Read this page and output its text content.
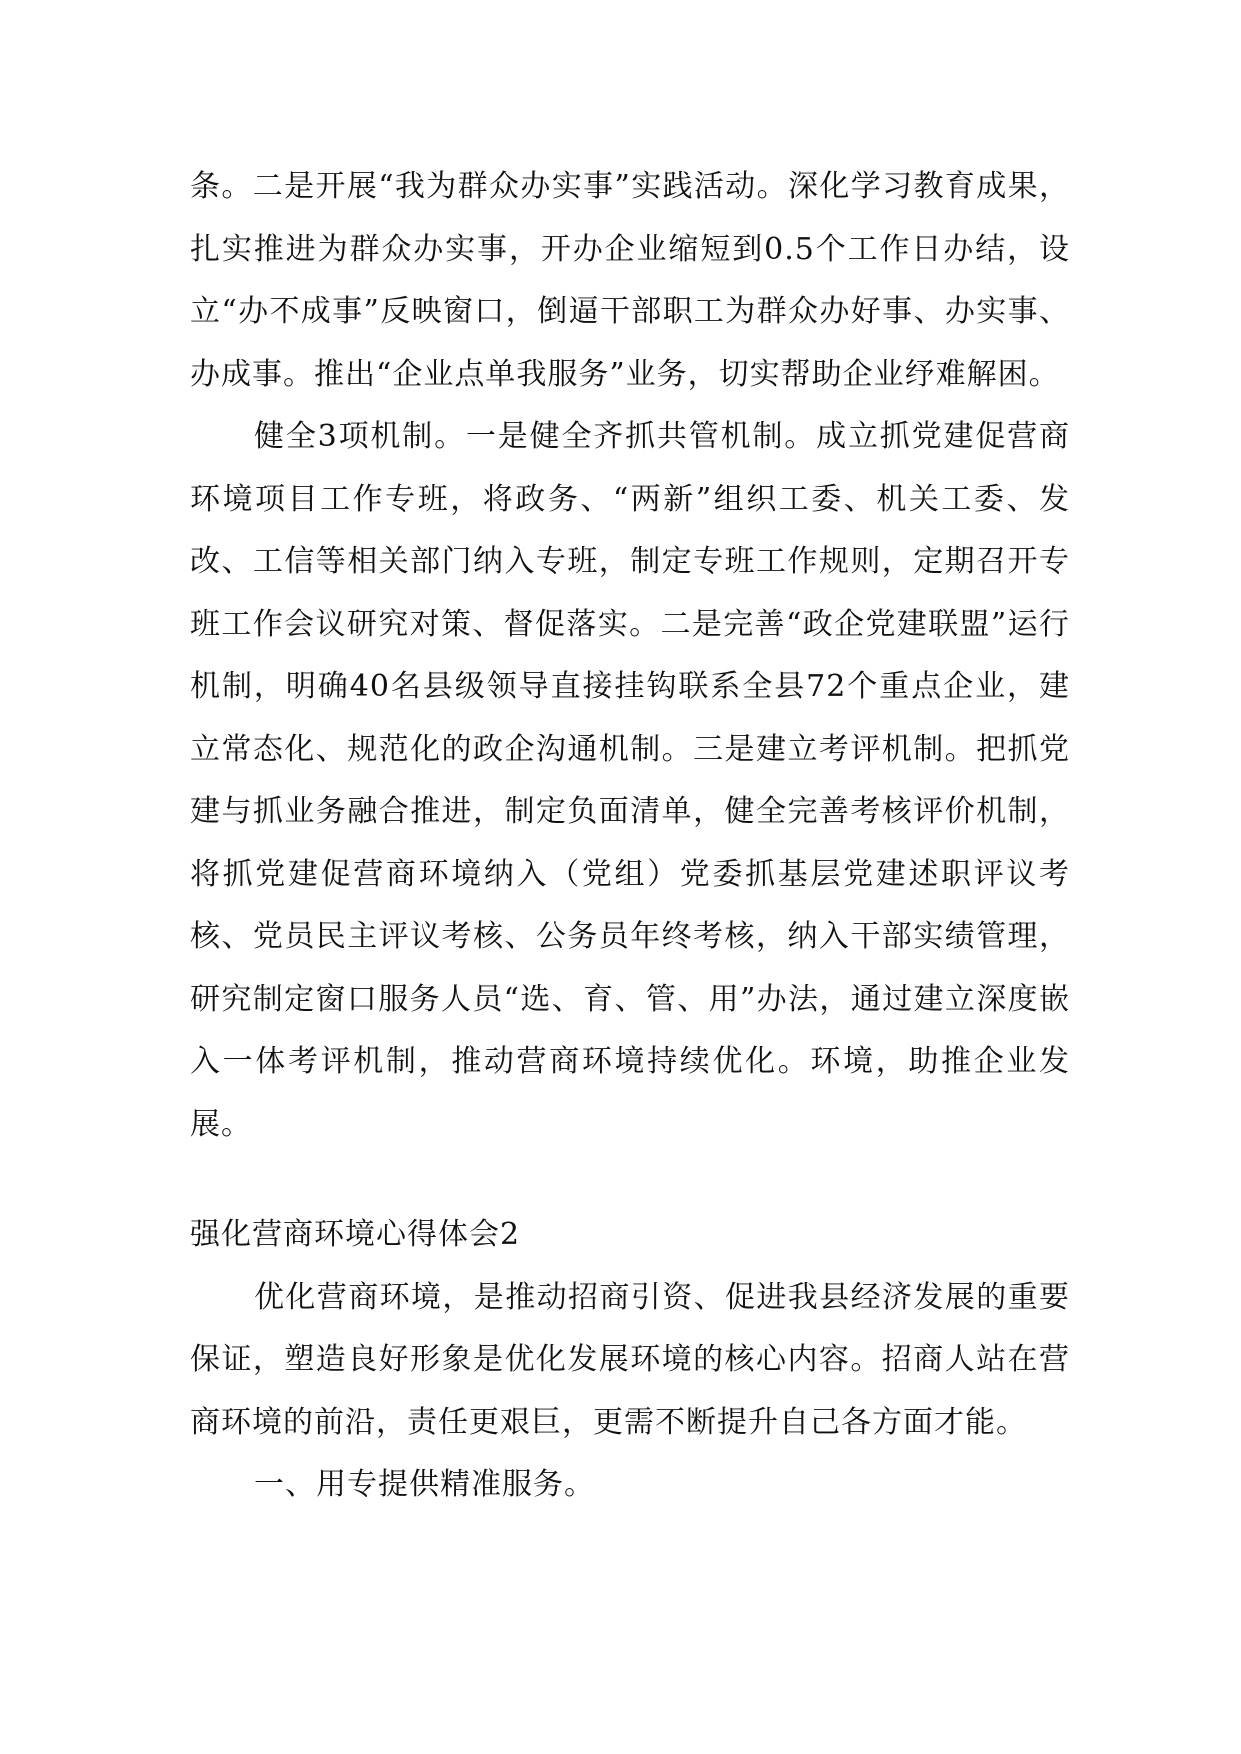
条。二是开展“我为群众办实事”实践活动。深化学习教育成果，扎实推进为群众办实事，开办企业缩短到0.5个工作日办结，设立“办不成事”反映窗口，倒逼干部职工为群众办好事、办实事、办成事。推出“企业点单我服务”业务，切实帮助企业纾难解困。

健全3项机制。一是健全齐抓共管机制。成立抓党建促营商环境项目工作专班，将政务、“两新”组织工委、机关工委、发改、工信等相关部门纳入专班，制定专班工作规则，定期召开专班工作会议研究对策、督促落实。二是完善“政企党建联盟”运行机制，明确40名县级领导直接挂钩联系全县72个重点企业，建立常态化、规范化的政企沟通机制。三是建立考评机制。把抓党建与抓业务融合推进，制定负面清单，健全完善考核评价机制，将抓党建促营商环境纳入（党组）党委抓基层党建述职评议考核、党员民主评议考核、公务员年终考核，纳入干部实绩管理，研究制定窗口服务人员“选、育、管、用”办法，通过建立深度嵌入一体考评机制，推动营商环境持续优化。环境，助推企业发展。

强化营商环境心得体会2

优化营商环境，是推动招商引资、促进我县经济发展的重要保证，塑造良好形象是优化发展环境的核心内容。招商人站在营商环境的前沿，责任更艰巨，更需不断提升自己各方面才能。

一、用专提供精准服务。
